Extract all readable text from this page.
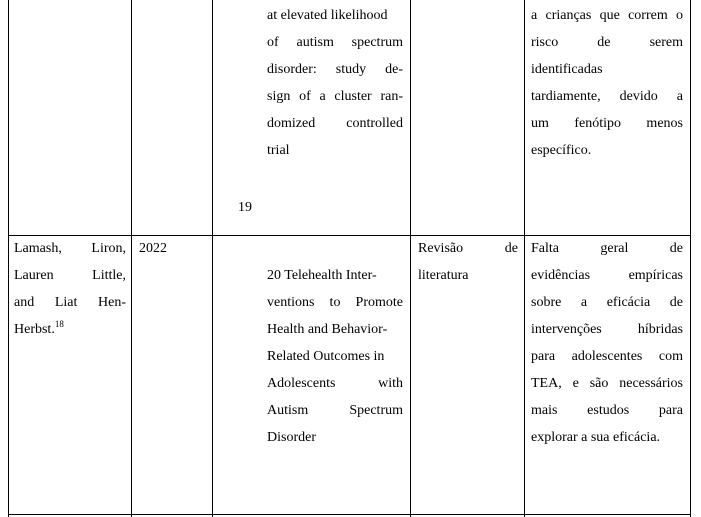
at elevated likelihood
of autism spectrum
disorder: study de-
sign of a cluster ran-
domized controlled
trial
19
a crianças que correm o
risco de serem
identificadas
tardiamente, devido a
um fenótipo menos
específico.
Lamash, Liron,
Lauren Little,
and Liat Hen-
Herbst.$^{18}$
2022
20 Telehealth Inter-
ventions to Promote
Health and Behavior-
Related Outcomes in
Adolescents with
Autism Spectrum
Disorder
Revisão de
literatura
Falta geral de
evidências empíricas
sobre a eficácia de
intervenções híbridas
para adolescentes com
TEA, e são necessários
mais estudos para
explorar a sua eficácia.
